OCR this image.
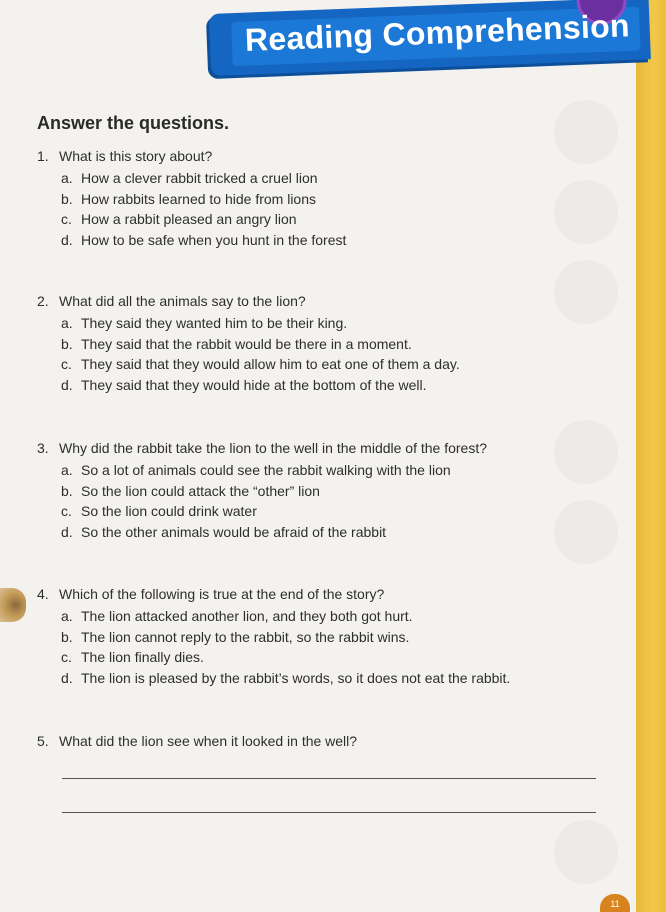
Reading Comprehension
Answer the questions.
1. What is this story about?
a. How a clever rabbit tricked a cruel lion
b. How rabbits learned to hide from lions
c. How a rabbit pleased an angry lion
d. How to be safe when you hunt in the forest
2. What did all the animals say to the lion?
a. They said they wanted him to be their king.
b. They said that the rabbit would be there in a moment.
c. They said that they would allow him to eat one of them a day.
d. They said that they would hide at the bottom of the well.
3. Why did the rabbit take the lion to the well in the middle of the forest?
a. So a lot of animals could see the rabbit walking with the lion
b. So the lion could attack the “other” lion
c. So the lion could drink water
d. So the other animals would be afraid of the rabbit
4. Which of the following is true at the end of the story?
a. The lion attacked another lion, and they both got hurt.
b. The lion cannot reply to the rabbit, so the rabbit wins.
c. The lion finally dies.
d. The lion is pleased by the rabbit’s words, so it does not eat the rabbit.
5. What did the lion see when it looked in the well?
11
